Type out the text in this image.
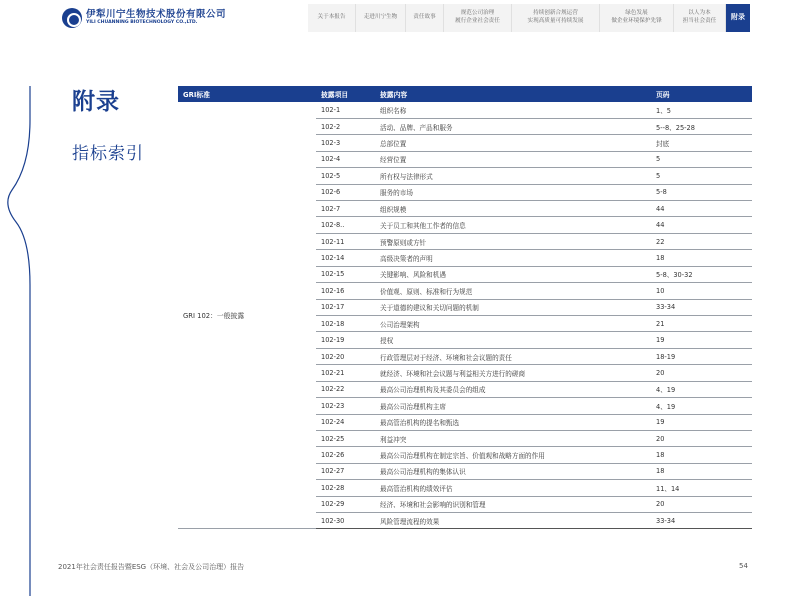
伊犁川宁生物技术股份有限公司
YILI CHUANNING BIOTECHNOLOGY CO.,LTD.
关于本报告	走进川宁生物	责任故事
规范公司治理
履行企业社会责任
持续创新合规运营
实现高质量可持续发展
绿色发展
做企业环境保护先锋
以人为本
担当社会责任	附录
附录
指标索引
GRI标准	披露项目	披露内容	页码
GRI 102：一般披露	102-1	组织名称	1、5
	102-2	活动、品牌、产品和服务	5--8、25-28
	102-3	总部位置	封底
	102-4	经营位置	5
	102-5	所有权与法律形式	5
	102-6	服务的市场	5-8
	102-7	组织规模	44
	102-8..	关于员工和其他工作者的信息	44
	102-11	预警原则或方针	22
	102-14	高级决策者的声明	18
	102-15	关键影响、风险和机遇	5-8、30-32
	102-16	价值观、原则、标准和行为规范	10
	102-17	关于道德的建议和关切问题的机制	33-34
	102-18	公司治理架构	21
	102-19	授权	19
	102-20	行政管理层对于经济、环境和社会议题的责任	18-19
	102-21	就经济、环境和社会议题与利益相关方进行的磋商	20
	102-22	最高公司治理机构及其委员会的组成	4、19
	102-23	最高公司治理机构主席	4、19
	102-24	最高管治机构的提名和甄选	19
	102-25	利益冲突	20
	102-26	最高公司治理机构在制定宗旨、价值观和战略方面的作用	18
	102-27	最高公司治理机构的集体认识	18
	102-28	最高管治机构的绩效评估	11、14
	102-29	经济、环境和社会影响的识别和管理	20
	102-30	风险管理流程的效果	33-34
2021年社会责任报告暨ESG（环境、社会及公司治理）报告	54
